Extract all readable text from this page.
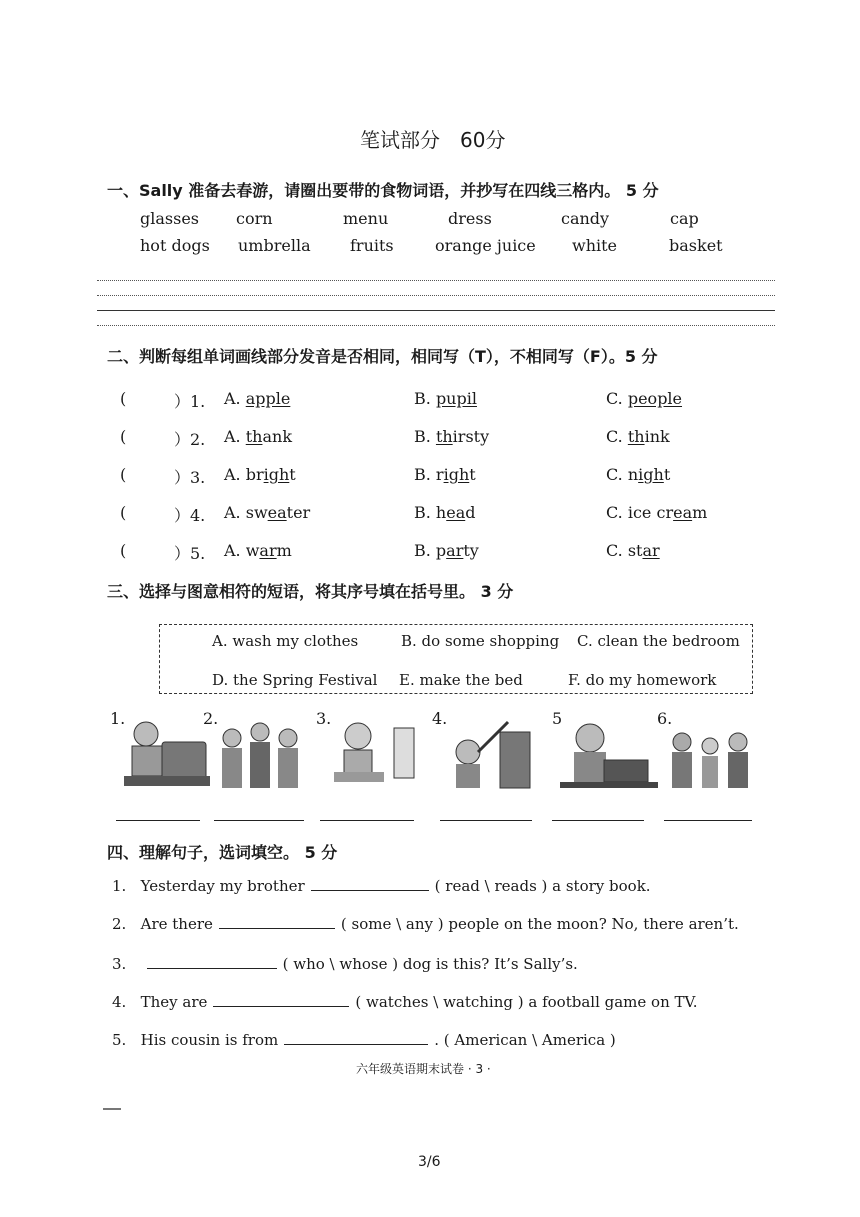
笔试部分　60分
一、Sally 准备去春游，请圈出要带的食物词语，并抄写在四线三格内。 5 分
glasses corn	menu	dress	candy	cap
hot dogs umbrella fruits	orange juice white	basket
二、判断每组单词画线部分发音是否相同，相同写（T），不相同写（F）。5 分
(	）1. A. apple	B. pupil	C. people
(	）2. A. thank	B. thirsty	C. think
(	）3. A. bright	B. right	C. night
(	）4. A. sweater	B. head	C. ice cream
(	）5. A. warm	B. party	C. star
三、选择与图意相符的短语，将其序号填在括号里。 3 分
A. wash my clothes	B. do some shopping C. clean the bedroom
D. the Spring Festival E. make the bed	F. do my homework
1.	2.	3.	4.	5	6.
四、理解句子，选词填空。 5 分
1. Yesterday my brother	( read \ reads ) a story book.
2. Are there	( some \ any ) people on the moon? No, there aren’t.
3.	( who \ whose ) dog is this? It’s Sally’s.
4. They are	( watches \ watching ) a football game on TV.
5. His cousin is from	. ( American \ America )
六年级英语期末试卷 · 3 ·
3/6
